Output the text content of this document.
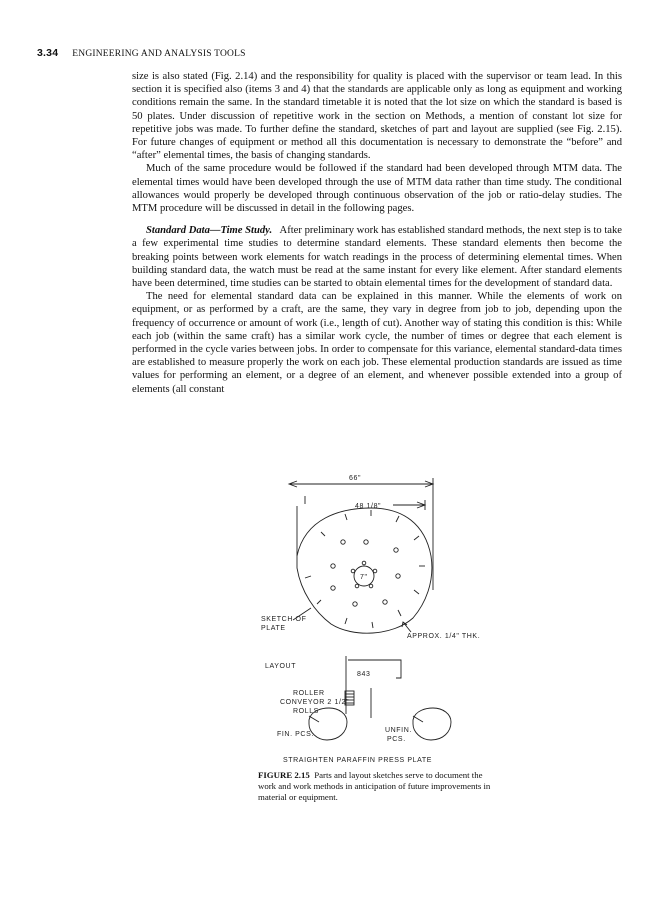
3.34 ENGINEERING AND ANALYSIS TOOLS

size is also stated (Fig. 2.14) and the responsibility for quality is placed with the supervisor or team lead. In this section it is specified also (items 3 and 4) that the standards are applicable only as long as equipment and working conditions remain the same. In the standard timetable it is noted that the lot size on which the standard is based is 50 plates. Under discussion of repetitive work in the section on Methods, a mention of constant lot size for repetitive jobs was made. To further define the standard, sketches of part and layout are supplied (see Fig. 2.15). For future changes of equipment or method all this documentation is necessary to demonstrate the “before” and “after” elemental times, the basis of changing standards.

Much of the same procedure would be followed if the standard had been developed through MTM data. The elemental times would have been developed through the use of MTM data rather than time study. The conditional allowances would properly be developed through continuous observation of the job or ratio-delay studies. The MTM procedure will be discussed in detail in the following pages.

Standard Data—Time Study. After preliminary work has established standard methods, the next step is to take a few experimental time studies to determine standard elements. These standard elements then become the breaking points between work elements for watch readings in the process of determining elemental times. When building standard data, the watch must be read at the same instant for every like element. After standard elements have been determined, time studies can be started to obtain elemental times for the development of standard data.

The need for elemental standard data can be explained in this manner. While the elements of work on equipment, or as performed by a craft, are the same, they vary in degree from job to job, depending upon the frequency of occurrence or amount of work (i.e., length of cut). Another way of stating this condition is this: While each job (within the same craft) has a similar work cycle, the number of times or degree that each element is performed in the cycle varies between jobs. In order to compensate for this variance, elemental standard-data times are established to measure properly the work on each job. These elemental production standards are issued as time values for performing an element, or a degree of an element, and whenever possible extended into a group of elements (all constant

66"
48 1/8"
7"
SKETCH OF
PLATE
APPROX. 1/4" THK.
LAYOUT
843
ROLLER
CONVEYOR 2 1/2"
ROLLS
FIN. PCS.
UNFIN.
PCS.
STRAIGHTEN PARAFFIN PRESS PLATE
FIGURE 2.15 Parts and layout sketches serve to document the work and work methods in anticipation of future improvements in material or equipment.
